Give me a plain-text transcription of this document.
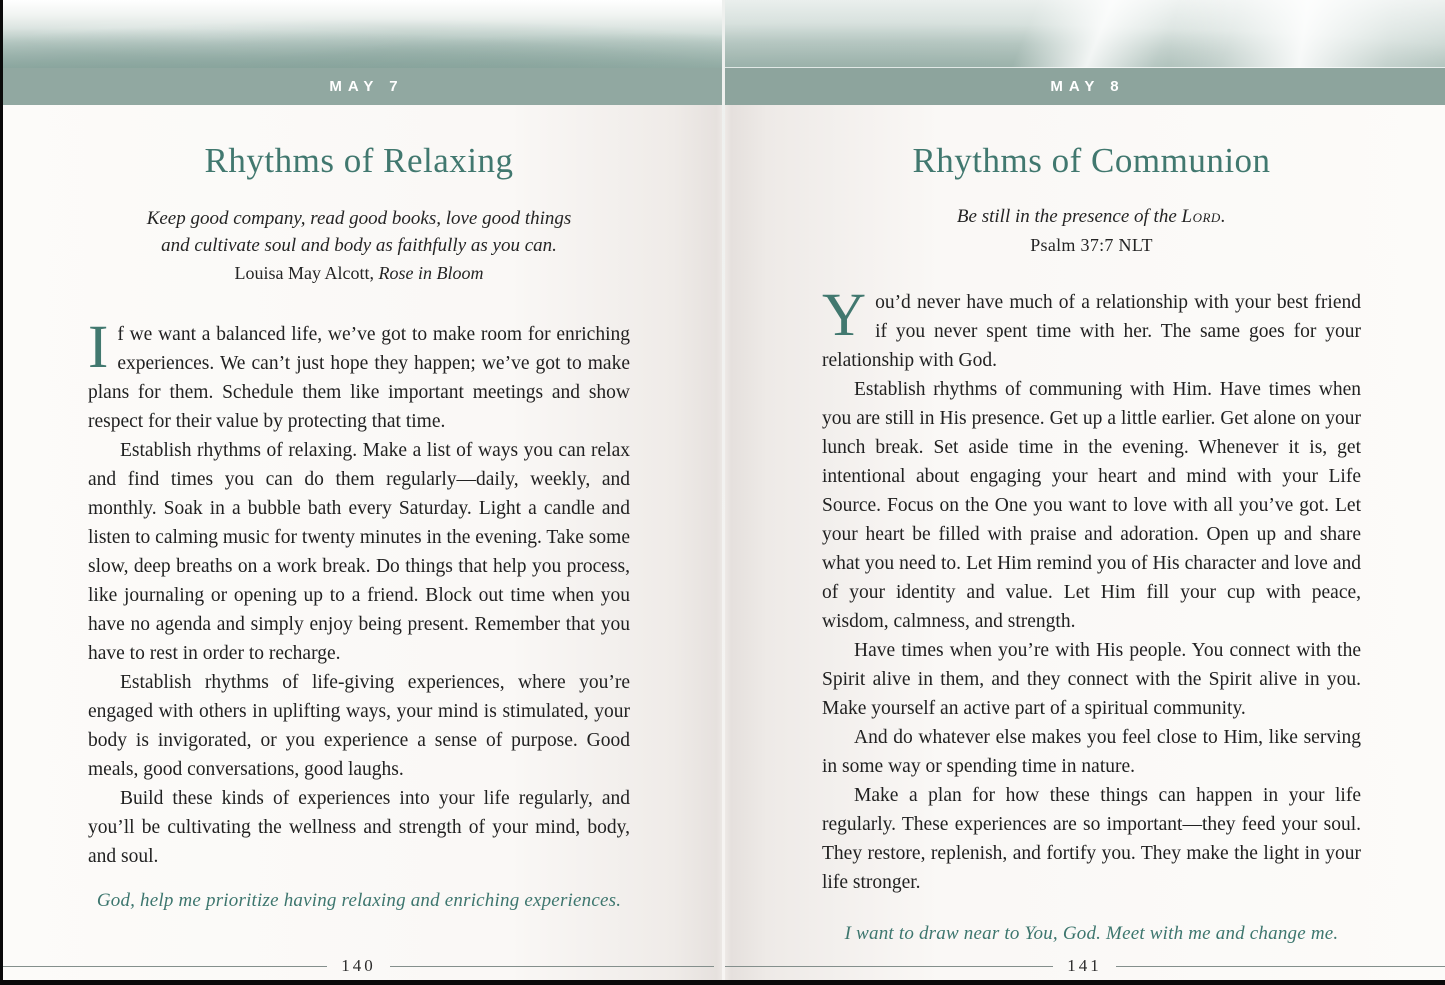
MAY 7
Rhythms of Relaxing
Keep good company, read good books, love good things
and cultivate soul and body as faithfully as you can.
Louisa May Alcott, Rose in Bloom

If we want a balanced life, we’ve got to make room for enriching experiences. We can’t just hope they happen; we’ve got to make plans for them. Schedule them like important meetings and show respect for their value by protecting that time.

Establish rhythms of relaxing. Make a list of ways you can relax and find times you can do them regularly—daily, weekly, and monthly. Soak in a bubble bath every Saturday. Light a candle and listen to calming music for twenty minutes in the evening. Take some slow, deep breaths on a work break. Do things that help you process, like journaling or opening up to a friend. Block out time when you have no agenda and simply enjoy being present. Remember that you have to rest in order to recharge.

Establish rhythms of life-giving experiences, where you’re engaged with others in uplifting ways, your mind is stimulated, your body is invigorated, or you experience a sense of purpose. Good meals, good conversations, good laughs.

Build these kinds of experiences into your life regularly, and you’ll be cultivating the wellness and strength of your mind, body, and soul.

God, help me prioritize having relaxing and enriching experiences.

140
MAY 8
Rhythms of Communion
Be still in the presence of the Lord.
Psalm 37:7 NLT

You’d never have much of a relationship with your best friend if you never spent time with her. The same goes for your relationship with God.

Establish rhythms of communing with Him. Have times when you are still in His presence. Get up a little earlier. Get alone on your lunch break. Set aside time in the evening. Whenever it is, get intentional about engaging your heart and mind with your Life Source. Focus on the One you want to love with all you’ve got. Let your heart be filled with praise and adoration. Open up and share what you need to. Let Him remind you of His character and love and of your identity and value. Let Him fill your cup with peace, wisdom, calmness, and strength.

Have times when you’re with His people. You connect with the Spirit alive in them, and they connect with the Spirit alive in you. Make yourself an active part of a spiritual community.

And do whatever else makes you feel close to Him, like serving in some way or spending time in nature.

Make a plan for how these things can happen in your life regularly. These experiences are so important—they feed your soul. They restore, replenish, and fortify you. They make the light in your life stronger.

I want to draw near to You, God. Meet with me and change me.

141
